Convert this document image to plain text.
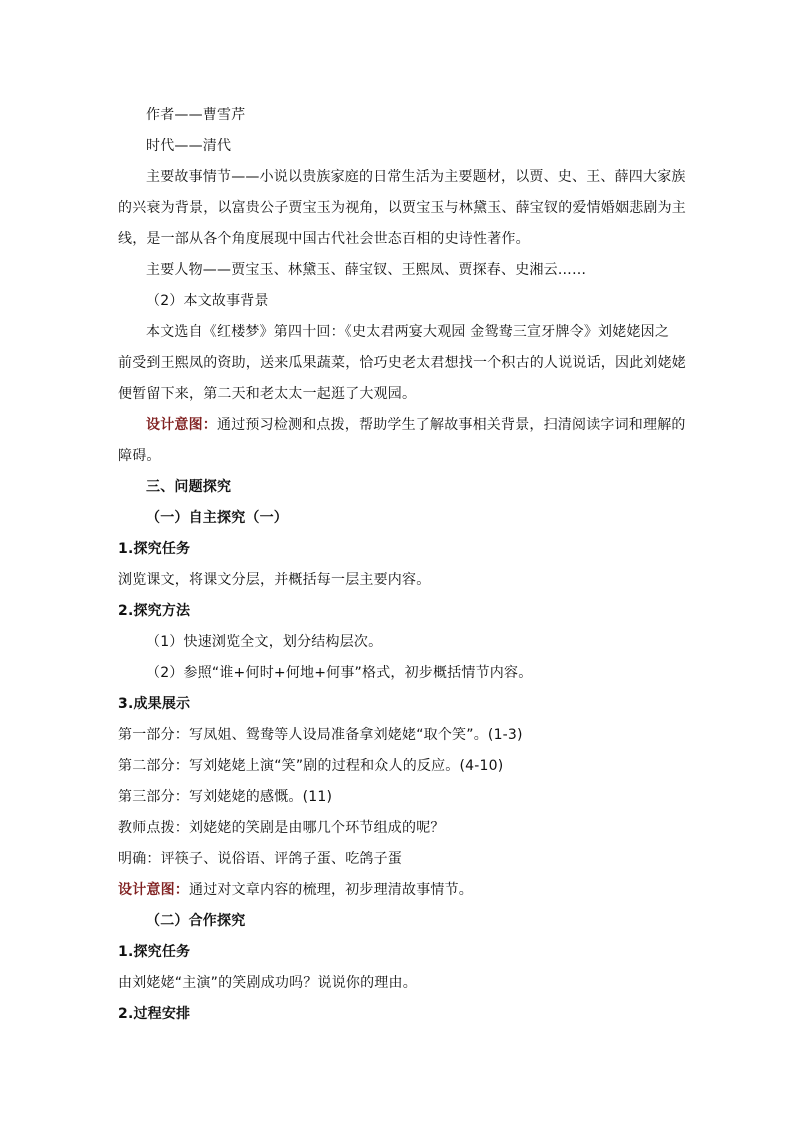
作者——曹雪芹
时代——清代
主要故事情节——小说以贵族家庭的日常生活为主要题材，以贾、史、王、薛四大家族
的兴衰为背景，以富贵公子贾宝玉为视角，以贾宝玉与林黛玉、薛宝钗的爱情婚姻悲剧为主
线，是一部从各个角度展现中国古代社会世态百相的史诗性著作。
主要人物——贾宝玉、林黛玉、薛宝钗、王熙凤、贾探春、史湘云……
（2）本文故事背景
本文选自《红楼梦》第四十回：《史太君两宴大观园 金鸳鸯三宣牙牌令》刘姥姥因之
前受到王熙凤的资助，送来瓜果蔬菜，恰巧史老太君想找一个积古的人说说话，因此刘姥姥
便暂留下来，第二天和老太太一起逛了大观园。
设计意图：通过预习检测和点拨，帮助学生了解故事相关背景，扫清阅读字词和理解的
障碍。
三、问题探究
（一）自主探究（一）
1.探究任务
浏览课文，将课文分层，并概括每一层主要内容。
2.探究方法
（1）快速浏览全文，划分结构层次。
（2）参照“谁+何时+何地+何事”格式，初步概括情节内容。
3.成果展示
第一部分：写凤姐、鸳鸯等人设局准备拿刘姥姥“取个笑”。(1-3)
第二部分：写刘姥姥上演“笑”剧的过程和众人的反应。(4-10)
第三部分：写刘姥姥的感慨。(11)
教师点拨：刘姥姥的笑剧是由哪几个环节组成的呢？
明确：评筷子、说俗语、评鸽子蛋、吃鸽子蛋
设计意图：通过对文章内容的梳理，初步理清故事情节。
（二）合作探究
1.探究任务
由刘姥姥“主演”的笑剧成功吗？说说你的理由。
2.过程安排
